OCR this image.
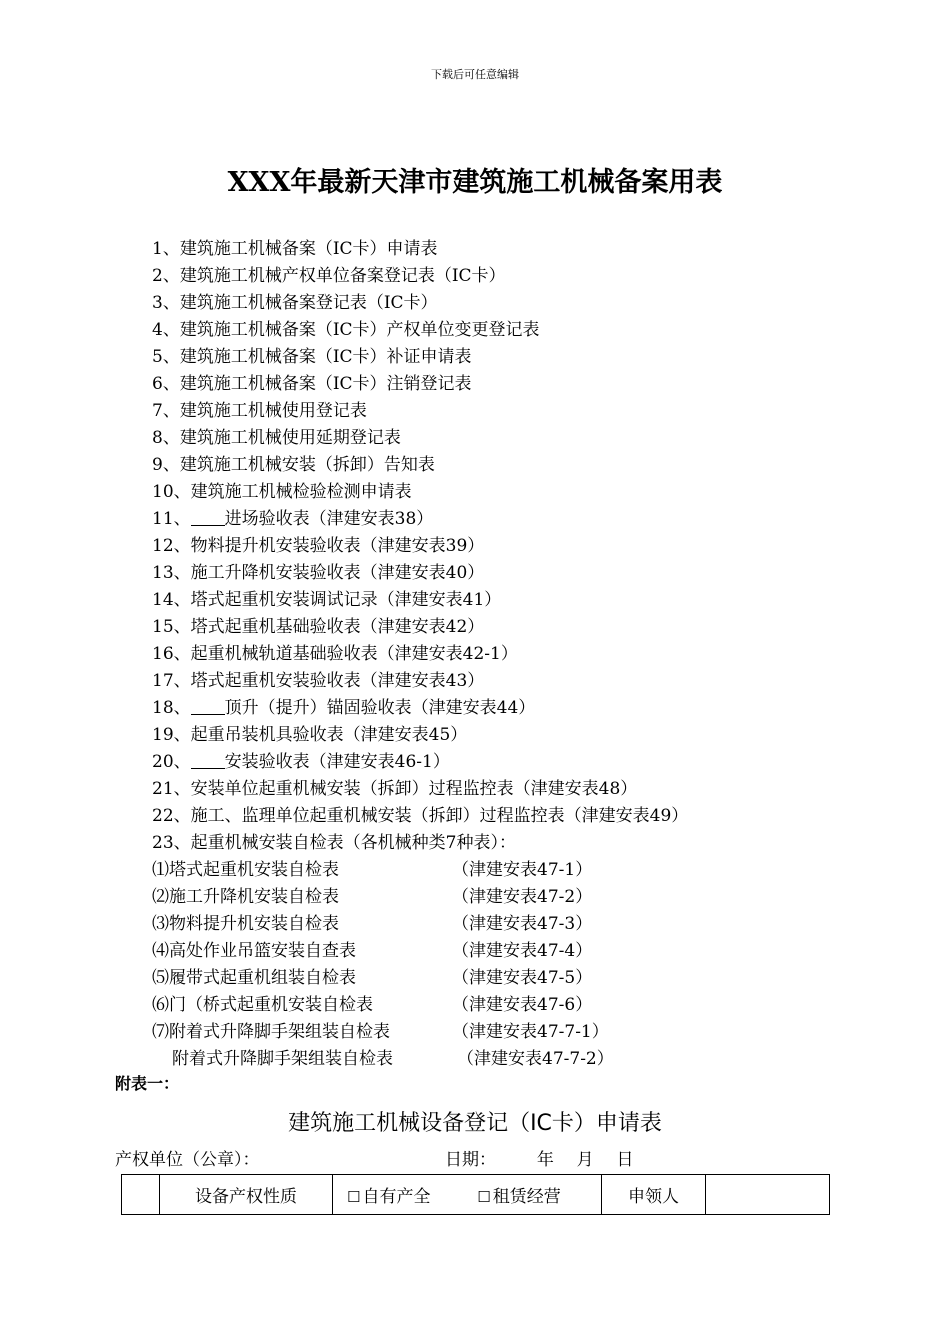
下载后可任意编辑
XXX年最新天津市建筑施工机械备案用表
1、建筑施工机械备案（IC卡）申请表
2、建筑施工机械产权单位备案登记表（IC卡）
3、建筑施工机械备案登记表（IC卡）
4、建筑施工机械备案（IC卡）产权单位变更登记表
5、建筑施工机械备案（IC卡）补证申请表
6、建筑施工机械备案（IC卡）注销登记表
7、建筑施工机械使用登记表
8、建筑施工机械使用延期登记表
9、建筑施工机械安装（拆卸）告知表
10、建筑施工机械检验检测申请表
11、 进场验收表（津建安表38）
12、物料提升机安装验收表（津建安表39）
13、施工升降机安装验收表（津建安表40）
14、塔式起重机安装调试记录（津建安表41）
15、塔式起重机基础验收表（津建安表42）
16、起重机械轨道基础验收表（津建安表42-1）
17、塔式起重机安装验收表（津建安表43）
18、 顶升（提升）锚固验收表（津建安表44）
19、起重吊装机具验收表（津建安表45）
20、 安装验收表（津建安表46-1）
21、安装单位起重机械安装（拆卸）过程监控表（津建安表48）
22、施工、监理单位起重机械安装（拆卸）过程监控表（津建安表49）
23、起重机械安装自检表（各机械种类7种表）：
⑴塔式起重机安装自检表	（津建安表47-1）
⑵施工升降机安装自检表	（津建安表47-2）
⑶物料提升机安装自检表	（津建安表47-3）
⑷高处作业吊篮安装自查表	（津建安表47-4）
⑸履带式起重机组装自检表	（津建安表47-5）
⑹门（桥式起重机安装自检表	（津建安表47-6）
⑺附着式升降脚手架组装自检表	（津建安表47-7-1）
附着式升降脚手架组装自检表	（津建安表47-7-2）
附表一：
建筑施工机械设备登记（IC卡）申请表
产权单位（公章）：	日期： 年 月 日
	设备产权性质	☐ 自有产全	☐ 租赁经营	申领人	
